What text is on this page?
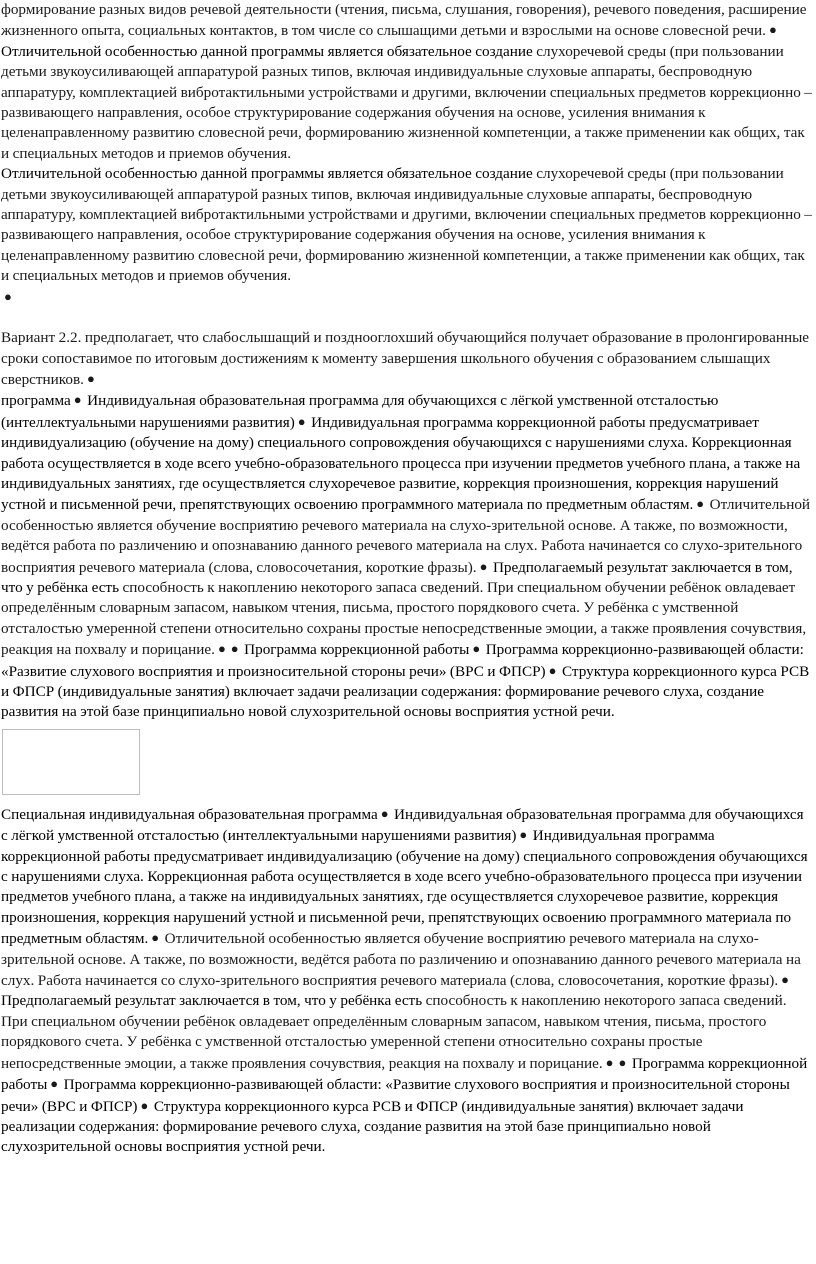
формирование разных видов речевой деятельности (чтения, письма, слушания, говорения), речевого поведения, расширение жизненного опыта, социальных контактов, в том числе со слышащими детьми и взрослыми на основе словесной речи. ● Отличительной особенностью данной программы является обязательное создание слухоречевой среды (при пользовании детьми звукоусиливающей аппаратурой разных типов, включая индивидуальные слуховые аппараты, беспроводную аппаратуру, комплектацией вибротактильными устройствами и другими, включении специальных предметов коррекционно – развивающего направления, особое структурирование содержания обучения на основе, усиления внимания к целенаправленному развитию словесной речи, формированию жизненной компетенции, а также применении как общих, так и специальных методов и приемов обучения.

Отличительной особенностью данной программы является обязательное создание слухоречевой среды (при пользовании детьми звукоусиливающей аппаратурой разных типов, включая индивидуальные слуховые аппараты, беспроводную аппаратуру, комплектацией вибротактильными устройствами и другими, включении специальных предметов коррекционно – развивающего направления, особое структурирование содержания обучения на основе, усиления внимания к целенаправленному развитию словесной речи, формированию жизненной компетенции, а также применении как общих, так и специальных методов и приемов обучения.

●

Вариант 2.2. предполагает, что слабослышащий и позднооглохший обучающийся получает образование в пролонгированные сроки сопоставимое по итоговым достижениям к моменту завершения школьного обучения с образованием слышащих сверстников. ●

программа ● Индивидуальная образовательная программа для обучающихся с лёгкой умственной отсталостью (интеллектуальными нарушениями развития) ● Индивидуальная программа коррекционной работы предусматривает индивидуализацию (обучение на дому) специального сопровождения обучающихся с нарушениями слуха. Коррекционная работа осуществляется в ходе всего учебно-образовательного процесса при изучении предметов учебного плана, а также на индивидуальных занятиях, где осуществляется слухоречевое развитие, коррекция произношения, коррекция нарушений устной и письменной речи, препятствующих освоению программного материала по предметным областям. ● Отличительной особенностью является обучение восприятию речевого материала на слухо-зрительной основе. А также, по возможности, ведётся работа по различению и опознаванию данного речевого материала на слух. Работа начинается со слухо-зрительного восприятия речевого материала (слова, словосочетания, короткие фразы). ● Предполагаемый результат заключается в том, что у ребёнка есть способность к накоплению некоторого запаса сведений. При специальном обучении ребёнок овладевает определённым словарным запасом, навыком чтения, письма, простого порядкового счета. У ребёнка с умственной отсталостью умеренной степени относительно сохраны простые непосредственные эмоции, а также проявления сочувствия, реакция на похвалу и порицание. ● ● Программа коррекционной работы ● Программа коррекционно-развивающей области: «Развитие слухового восприятия и произносительной стороны речи» (ВРС и ФПСР) ● Структура коррекционного курса РСВ и ФПСР (индивидуальные занятия) включает задачи реализации содержания: формирование речевого слуха, создание развития на этой базе принципиально новой слухозрительной основы восприятия устной речи.

Специальная индивидуальная образовательная программа ● Индивидуальная образовательная программа для обучающихся с лёгкой умственной отсталостью (интеллектуальными нарушениями развития) ● Индивидуальная программа коррекционной работы предусматривает индивидуализацию (обучение на дому) специального сопровождения обучающихся с нарушениями слуха. Коррекционная работа осуществляется в ходе всего учебно-образовательного процесса при изучении предметов учебного плана, а также на индивидуальных занятиях, где осуществляется слухоречевое развитие, коррекция произношения, коррекция нарушений устной и письменной речи, препятствующих освоению программного материала по предметным областям. ● Отличительной особенностью является обучение восприятию речевого материала на слухо-зрительной основе. А также, по возможности, ведётся работа по различению и опознаванию данного речевого материала на слух. Работа начинается со слухо-зрительного восприятия речевого материала (слова, словосочетания, короткие фразы). ● Предполагаемый результат заключается в том, что у ребёнка есть способность к накоплению некоторого запаса сведений. При специальном обучении ребёнок овладевает определённым словарным запасом, навыком чтения, письма, простого порядкового счета. У ребёнка с умственной отсталостью умеренной степени относительно сохраны простые непосредственные эмоции, а также проявления сочувствия, реакция на похвалу и порицание. ● ● Программа коррекционной работы ● Программа коррекционно-развивающей области: «Развитие слухового восприятия и произносительной стороны речи» (ВРС и ФПСР) ● Структура коррекционного курса РСВ и ФПСР (индивидуальные занятия) включает задачи реализации содержания: формирование речевого слуха, создание развития на этой базе принципиально новой слухозрительной основы восприятия устной речи.
